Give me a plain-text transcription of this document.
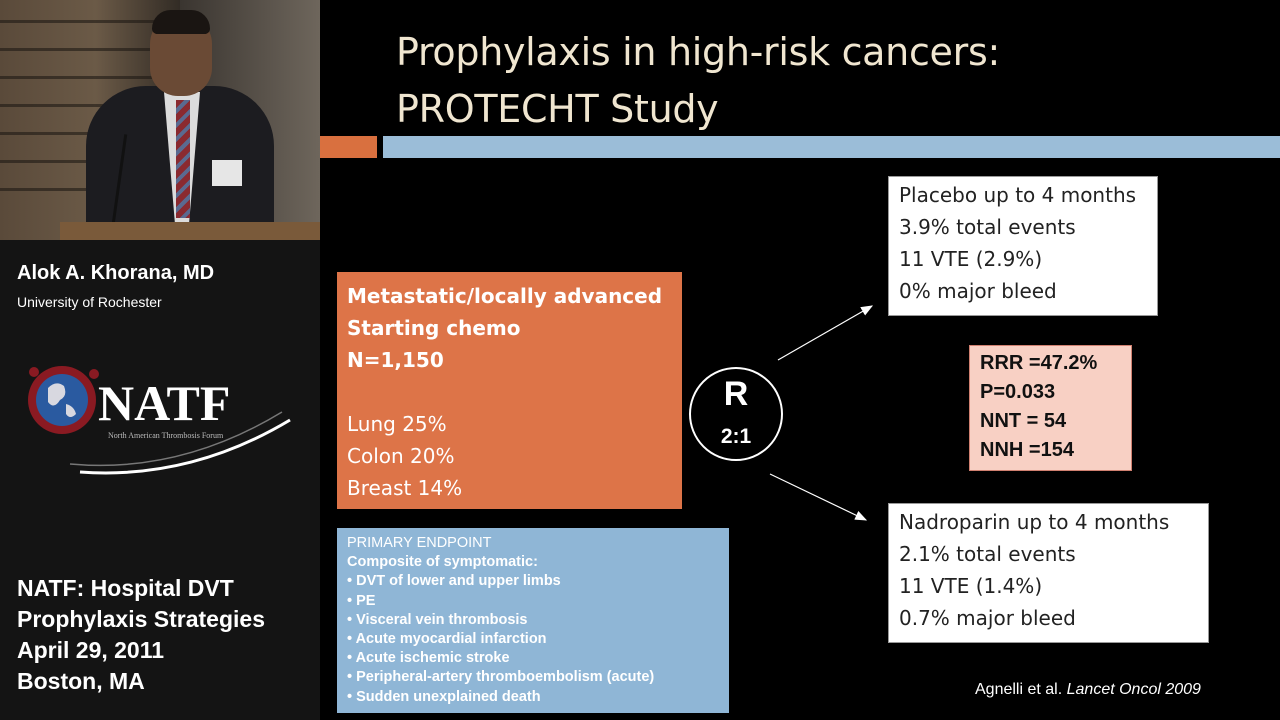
Alok A. Khorana, MD
University of Rochester
NATF
North American Thrombosis Forum
NATF: Hospital DVT
Prophylaxis Strategies
April 29, 2011
Boston, MA
Prophylaxis in high-risk cancers:
PROTECHT Study
Metastatic/locally advanced
Starting chemo
N=1,150
Lung 25%
Colon 20%
Breast 14%
PRIMARY ENDPOINT
Composite of symptomatic:
• DVT of lower and upper limbs
• PE
• Visceral vein thrombosis
• Acute myocardial infarction
• Acute ischemic stroke
• Peripheral-artery thromboembolism (acute)
• Sudden unexplained death
R
2:1
Placebo up to 4 months
3.9% total events
11 VTE (2.9%)
0% major bleed
RRR =47.2%
P=0.033
NNT = 54
NNH =154
Nadroparin up to 4 months
2.1% total events
11 VTE (1.4%)
0.7% major bleed
Agnelli et al. Lancet Oncol 2009
